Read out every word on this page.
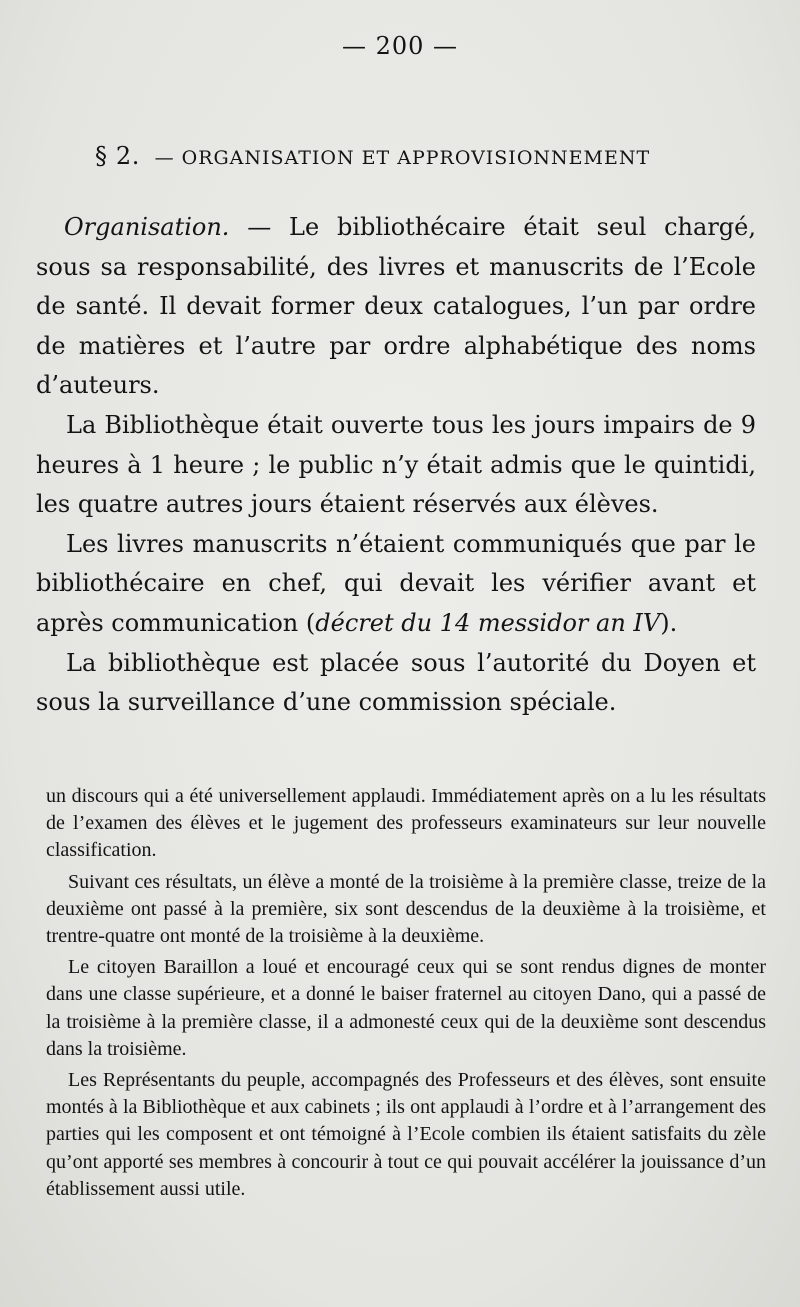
— 200 —
§ 2. — ORGANISATION ET APPROVISIONNEMENT

Organisation. — Le bibliothécaire était seul chargé, sous sa responsabilité, des livres et manuscrits de l’Ecole de santé. Il devait former deux catalogues, l’un par ordre de matières et l’autre par ordre alphabétique des noms d’auteurs.

La Bibliothèque était ouverte tous les jours impairs de 9 heures à 1 heure ; le public n’y était admis que le quintidi, les quatre autres jours étaient réservés aux élèves.

Les livres manuscrits n’étaient communiqués que par le bibliothécaire en chef, qui devait les vérifier avant et après communication (décret du 14 messidor an IV).

La bibliothèque est placée sous l’autorité du Doyen et sous la surveillance d’une commission spéciale.

un discours qui a été universellement applaudi. Immédiatement après on a lu les résultats de l’examen des élèves et le jugement des professeurs examinateurs sur leur nouvelle classification.

Suivant ces résultats, un élève a monté de la troisième à la première classe, treize de la deuxième ont passé à la première, six sont descendus de la deuxième à la troisième, et trentre-quatre ont monté de la troisième à la deuxième.

Le citoyen Baraillon a loué et encouragé ceux qui se sont rendus dignes de monter dans une classe supérieure, et a donné le baiser fraternel au citoyen Dano, qui a passé de la troisième à la première classe, il a admonesté ceux qui de la deuxième sont descendus dans la troisième.

Les Représentants du peuple, accompagnés des Professeurs et des élèves, sont ensuite montés à la Bibliothèque et aux cabinets ; ils ont applaudi à l’ordre et à l’arrangement des parties qui les composent et ont témoigné à l’Ecole combien ils étaient satisfaits du zèle qu’ont apporté ses membres à concourir à tout ce qui pouvait accélérer la jouissance d’un établissement aussi utile.
